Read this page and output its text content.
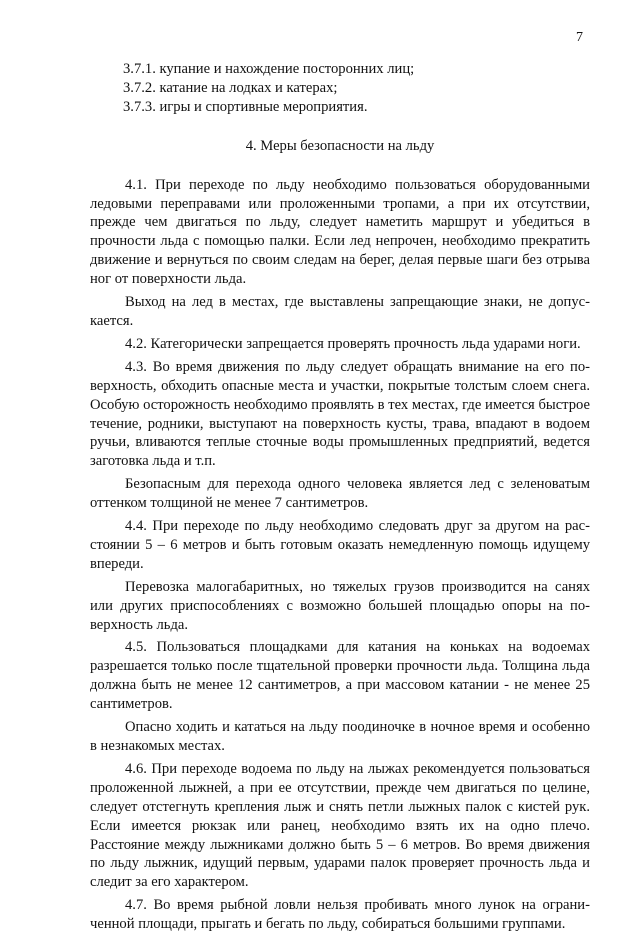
7

3.7.1. купание и нахождение посторонних лиц;

3.7.2. катание на лодках и катерах;

3.7.3. игры и спортивные мероприятия.

4. Меры безопасности на льду

4.1. При переходе по льду необходимо пользоваться оборудованными ледовыми переправами или проложенными тропами, а при их отсутствии, прежде чем двигаться по льду, следует наметить маршрут и убедиться в прочности льда с помощью палки. Если лед непрочен, необходимо прекратить движение и вернуться по своим следам на берег, делая первые шаги без отрыва ног от поверхности льда.

Выход на лед в местах, где выставлены запрещающие знаки, не допускается.

4.2. Категорически запрещается проверять прочность льда ударами ноги.

4.3. Во время движения по льду следует обращать внимание на его поверхность, обходить опасные места и участки, покрытые толстым слоем снега. Особую осторожность необходимо проявлять в тех местах, где имеется быстрое течение, родники, выступают на поверхность кусты, трава, впадают в водоем ручьи, вливаются теплые сточные воды промышленных предприятий, ведется заготовка льда и т.п.

Безопасным для перехода одного человека является лед с зеленоватым оттенком толщиной не менее 7 сантиметров.

4.4. При переходе по льду необходимо следовать друг за другом на расстоянии 5 – 6 метров и быть готовым оказать немедленную помощь идущему впереди.

Перевозка малогабаритных, но тяжелых грузов производится на санях или других приспособлениях с возможно большей площадью опоры на поверхность льда.

4.5. Пользоваться площадками для катания на коньках на водоемах разрешается только после тщательной проверки прочности льда. Толщина льда должна быть не менее 12 сантиметров, а при массовом катании - не менее 25 сантиметров.

Опасно ходить и кататься на льду поодиночке в ночное время и особенно в незнакомых местах.

4.6. При переходе водоема по льду на лыжах рекомендуется пользоваться проложенной лыжней, а при ее отсутствии, прежде чем двигаться по целине, следует отстегнуть крепления лыж и снять петли лыжных палок с кистей рук. Если имеется рюкзак или ранец, необходимо взять их на одно плечо. Расстояние между лыжниками должно быть 5 – 6 метров. Во время движения по льду лыжник, идущий первым, ударами палок проверяет прочность льда и следит за его характером.

4.7. Во время рыбной ловли нельзя пробивать много лунок на ограниченной площади, прыгать и бегать по льду, собираться большими группами.
